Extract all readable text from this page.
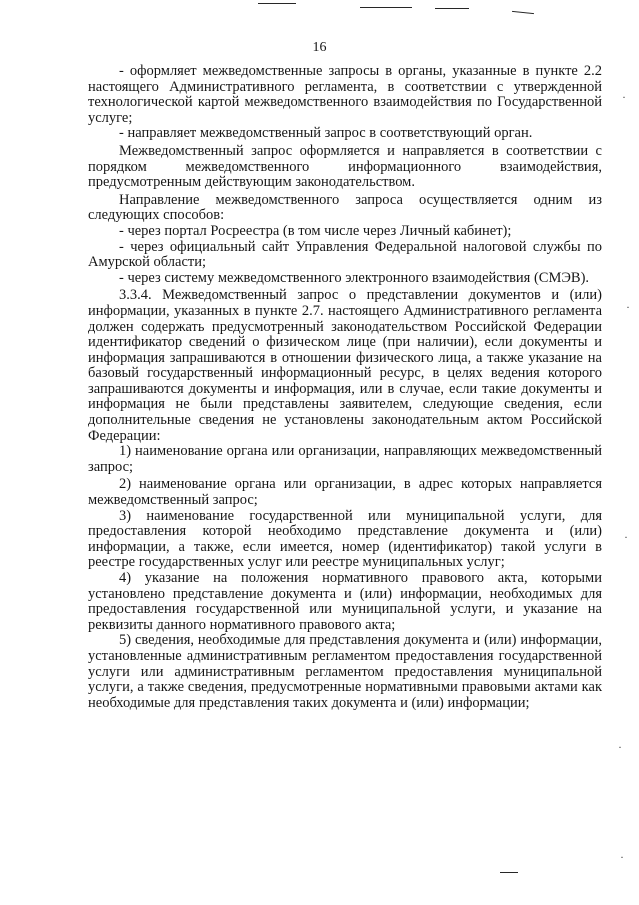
·
·
·
·
·
16

- оформляет межведомственные запросы в органы, указанные в пункте 2.2 настоящего Административного регламента, в соответствии с утвержденной технологической картой межведомственного взаимодействия по Государственной услуге;

- направляет межведомственный запрос в соответствующий орган.

Межведомственный запрос оформляется и направляется в соответствии с порядком межведомственного информационного взаимодействия, предусмотренным действующим законодательством.

Направление межведомственного запроса осуществляется одним из следующих способов:

- через портал Росреестра (в том числе через Личный кабинет);

- через официальный сайт Управления Федеральной налоговой службы по Амурской области;

- через систему межведомственного электронного взаимодействия (СМЭВ).

3.3.4. Межведомственный запрос о представлении документов и (или) информации, указанных в пункте 2.7. настоящего Административного регламента должен содержать предусмотренный законодательством Российской Федерации идентификатор сведений о физическом лице (при наличии), если документы и информация запрашиваются в отношении физического лица, а также указание на базовый государственный информационный ресурс, в целях ведения которого запрашиваются документы и информация, или в случае, если такие документы и информация не были представлены заявителем, следующие сведения, если дополнительные сведения не установлены законодательным актом Российской Федерации:

1) наименование органа или организации, направляющих межведомственный запрос;

2) наименование органа или организации, в адрес которых направляется межведомственный запрос;

3) наименование государственной или муниципальной услуги, для предоставления которой необходимо представление документа и (или) информации, а также, если имеется, номер (идентификатор) такой услуги в реестре государственных услуг или реестре муниципальных услуг;

4) указание на положения нормативного правового акта, которыми установлено представление документа и (или) информации, необходимых для предоставления государственной или муниципальной услуги, и указание на реквизиты данного нормативного правового акта;

5) сведения, необходимые для представления документа и (или) информации, установленные административным регламентом предоставления государственной услуги или административным регламентом предоставления муниципальной услуги, а также сведения, предусмотренные нормативными правовыми актами как необходимые для представления таких документа и (или) информации;
